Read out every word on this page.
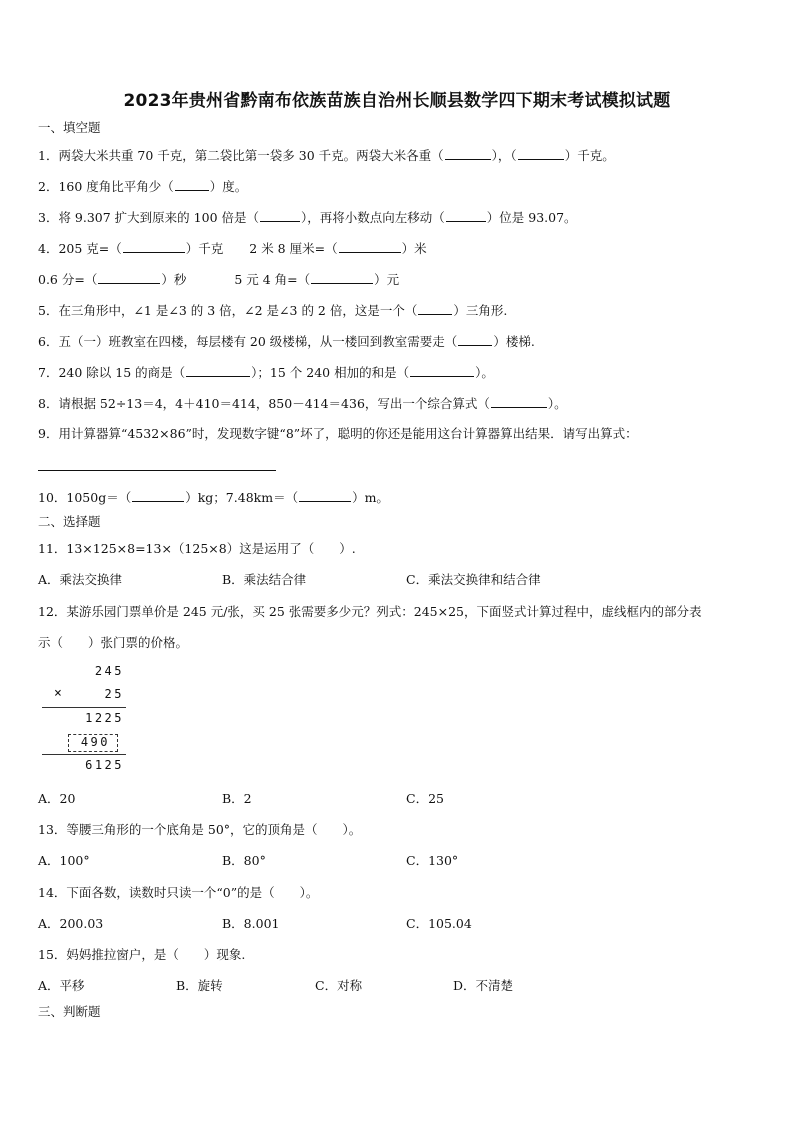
2023年贵州省黔南布依族苗族自治州长顺县数学四下期末考试模拟试题
一、填空题
1．两袋大米共重 70 千克，第二袋比第一袋多 30 千克。两袋大米各重（	），（	）千克。
2．160 度角比平角少（	）度。
3．将 9.307 扩大到原来的 100 倍是（	），再将小数点向左移动（	）位是 93.07。
4．205 克=（	）千克 2 米 8 厘米=（	）米
0.6 分=（	）秒	5 元 4 角=（	）元
5．在三角形中，∠1 是∠3 的 3 倍，∠2 是∠3 的 2 倍，这是一个（	）三角形.
6．五（一）班教室在四楼，每层楼有 20 级楼梯，从一楼回到教室需要走（	）楼梯.
7．240 除以 15 的商是（	）；15 个 240 相加的和是（	）。
8．请根据 52÷13＝4，4＋410＝414，850－414＝436，写出一个综合算式（	）。
9．用计算器算“4532×86”时，发现数字键“8”坏了，聪明的你还是能用这台计算器算出结果．请写出算式：
10．1050g＝（	）kg；7.48km＝（	）m。
二、选择题
11．13×125×8=13×（125×8）这是运用了（　　）.
A．乘法交换律	B．乘法结合律	C．乘法交换律和结合律
12．某游乐园门票单价是 245 元/张，买 25 张需要多少元？列式：245×25，下面竖式计算过程中，虚线框内的部分表
示（　　）张门票的价格。
245
×	25
1225
490
6125
A．20	B．2	C．25
13．等腰三角形的一个底角是 50°，它的顶角是（　　）。
A．100°	B．80°	C．130°
14．下面各数，读数时只读一个“0”的是（　　）。
A．200.03	B．8.001	C．105.04
15．妈妈推拉窗户，是（　　）现象.
A．平移	B．旋转	C．对称	D．不清楚
三、判断题
